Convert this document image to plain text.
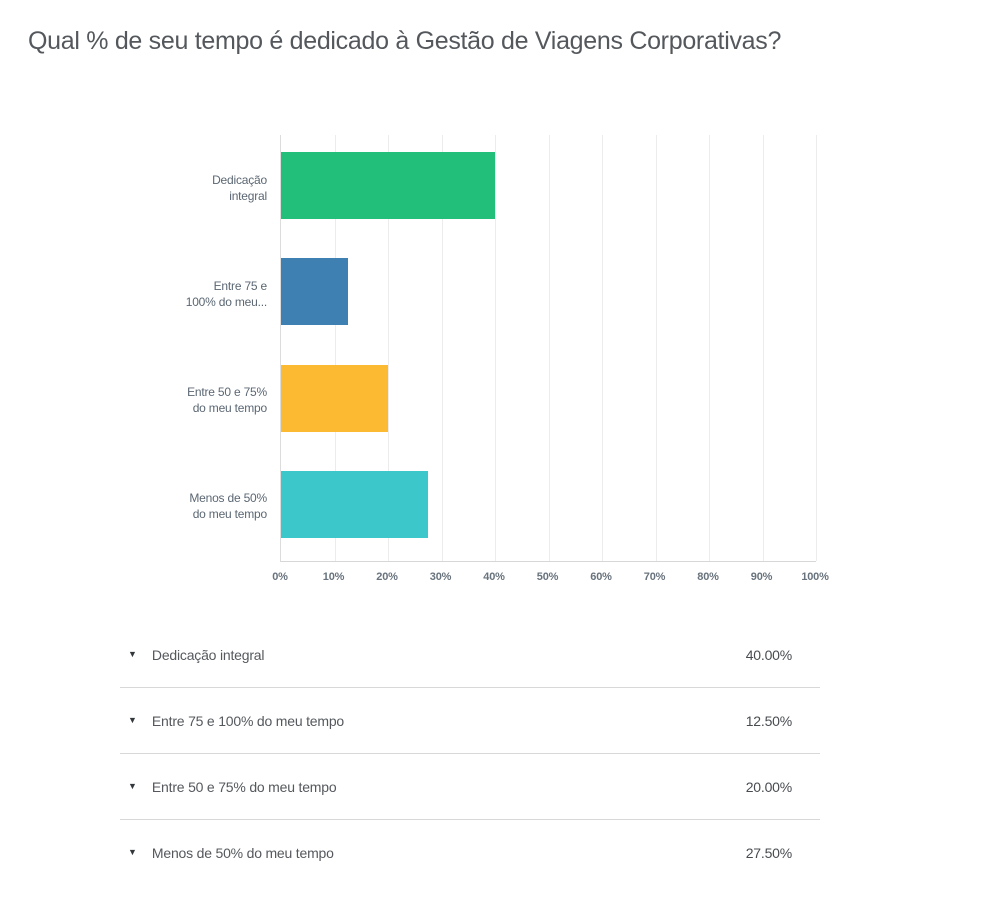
Qual % de seu tempo é dedicado à Gestão de Viagens Corporativas?
Dedicação
integral
Entre 75 e
100% do meu...
Entre 50 e 75%
do meu tempo
Menos de 50%
do meu tempo
0%	10%	20%	30%	40%	50%	60%	70%	80%	90%	100%
▼ Dedicação integral	40.00%
▼ Entre 75 e 100% do meu tempo	12.50%
▼ Entre 50 e 75% do meu tempo	20.00%
▼ Menos de 50% do meu tempo	27.50%
